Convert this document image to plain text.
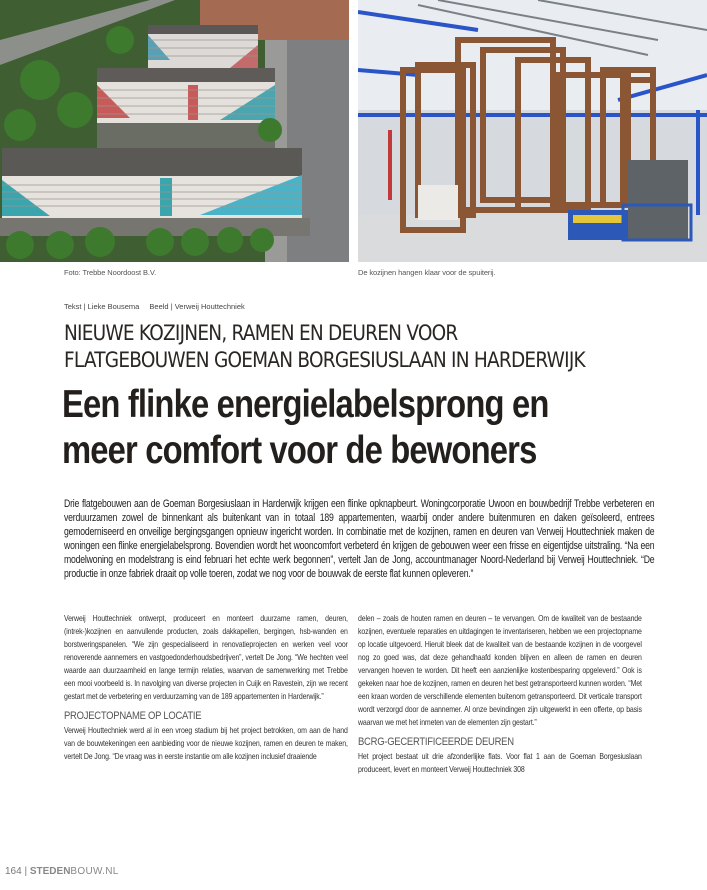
Foto: Trebbe Noordoost B.V.	De kozijnen hangen klaar voor de spuiterij.
Tekst | Lieke Bousema Beeld | Verweij Houttechniek
NIEUWE KOZIJNEN, RAMEN EN DEUREN VOOR
FLATGEBOUWEN GOEMAN BORGESIUSLAAN IN HARDERWIJK
Een flinke energielabelsprong en
meer comfort voor de bewoners

Drie flatgebouwen aan de Goeman Borgesiuslaan in Harderwijk krijgen een flinke opknapbeurt. Woningcorporatie Uwoon en bouwbedrijf Trebbe verbeteren en verduurzamen zowel de binnenkant als buitenkant van in totaal 189 appartementen, waarbij onder andere buitenmuren en daken geïsoleerd, entrees gemoderniseerd en onveilige bergingsgangen opnieuw ingericht worden. In combinatie met de kozijnen, ramen en deuren van Verweij Houttechniek maken de woningen een flinke energielabelsprong. Bovendien wordt het wooncomfort verbeterd én krijgen de gebouwen weer een frisse en eigentijdse uitstraling. “Na een modelwoning en modelstrang is eind februari het echte werk begonnen”, vertelt Jan de Jong, accountmanager Noord-Nederland bij Verweij Houttechniek. “De productie in onze fabriek draait op volle toeren, zodat we nog voor de bouwvak de eerste flat kunnen opleveren.”

Verweij Houttechniek ontwerpt, produceert en monteert duurzame ramen, deuren, (intrek-)kozijnen en aanvullende producten, zoals dakkapellen, bergingen, hsb-wanden en borstweringspanelen. “We zijn gespecialiseerd in renovatieprojecten en werken veel voor renoverende aannemers en vastgoedonderhoudsbedrijven”, vertelt De Jong. “We hechten veel waarde aan duurzaamheid en lange termijn relaties, waarvan de samenwerking met Trebbe een mooi voorbeeld is. In navolging van diverse projecten in Cuijk en Ravestein, zijn we recent gestart met de verbetering en verduurzaming van de 189 appartementen in Harderwijk.”

PROJECTOPNAME OP LOCATIE

Verweij Houttechniek werd al in een vroeg stadium bij het project betrokken, om aan de hand van de bouwtekeningen een aanbieding voor de nieuwe kozijnen, ramen en deuren te maken, vertelt De Jong. “De vraag was in eerste instantie om alle kozijnen inclusief draaiende

delen – zoals de houten ramen en deuren – te vervangen. Om de kwaliteit van de bestaande kozijnen, eventuele reparaties en uitdagingen te inventariseren, hebben we een projectopname op locatie uitgevoerd. Hieruit bleek dat de kwaliteit van de bestaande kozijnen in de voorgevel nog zo goed was, dat deze gehandhaafd konden blijven en alleen de ramen en deuren vervangen hoeven te worden. Dit heeft een aanzienlijke kostenbesparing opgeleverd.” Ook is gekeken naar hoe de kozijnen, ramen en deuren het best getransporteerd kunnen worden. “Met een kraan worden de verschillende elementen buitenom getransporteerd. Dit verticale transport wordt verzorgd door de aannemer. Al onze bevindingen zijn uitgewerkt in een offerte, op basis waarvan we met het inmeten van de elementen zijn gestart.”

BCRG-GECERTIFICEERDE DEUREN

Het project bestaat uit drie afzonderlijke flats. Voor flat 1 aan de Goeman Borgesiuslaan produceert, levert en monteert Verweij Houttechniek 308

164 | STEDENBOUW.NL
